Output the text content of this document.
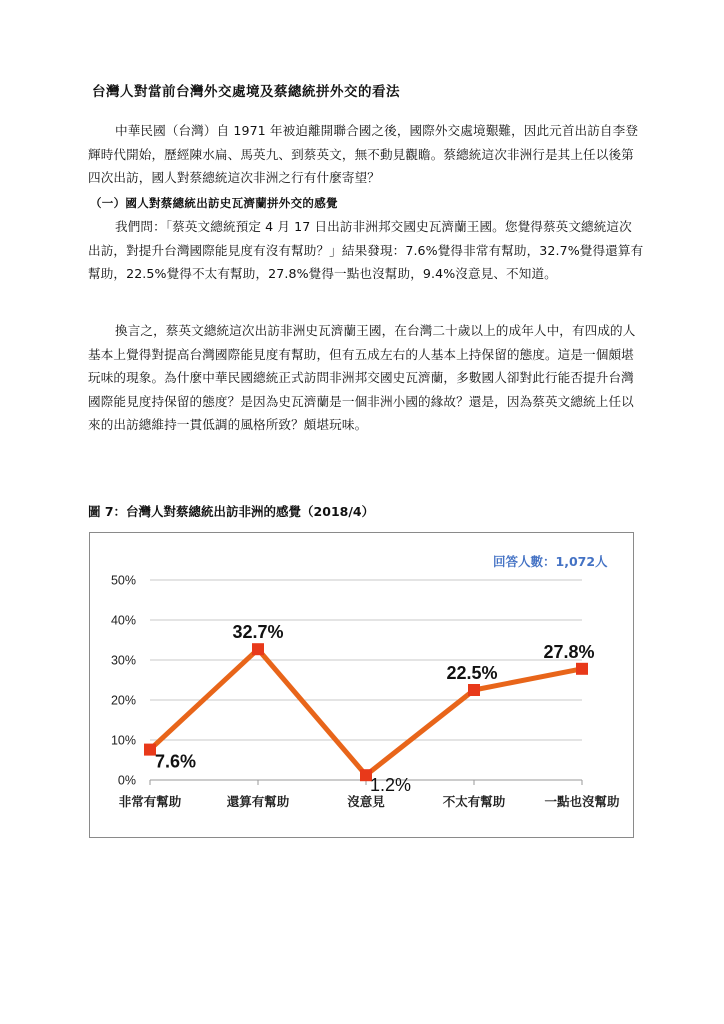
台灣人對當前台灣外交處境及蔡總統拼外交的看法

中華民國（台灣）自 1971 年被迫離開聯合國之後，國際外交處境艱難，因此元首出訪自李登輝時代開始，歷經陳水扁、馬英九、到蔡英文，無不動見觀瞻。蔡總統這次非洲行是其上任以後第四次出訪，國人對蔡總統這次非洲之行有什麼寄望？

（一）國人對蔡總統出訪史瓦濟蘭拼外交的感覺

我們問：「蔡英文總統預定 4 月 17 日出訪非洲邦交國史瓦濟蘭王國。您覺得蔡英文總統這次出訪，對提升台灣國際能見度有沒有幫助？」結果發現：7.6%覺得非常有幫助，32.7%覺得還算有幫助，22.5%覺得不太有幫助，27.8%覺得一點也沒幫助，9.4%沒意見、不知道。

換言之，蔡英文總統這次出訪非洲史瓦濟蘭王國，在台灣二十歲以上的成年人中，有四成的人基本上覺得對提高台灣國際能見度有幫助，但有五成左右的人基本上持保留的態度。這是一個頗堪玩味的現象。為什麼中華民國總統正式訪問非洲邦交國史瓦濟蘭，多數國人卻對此行能否提升台灣國際能見度持保留的態度？是因為史瓦濟蘭是一個非洲小國的緣故？還是，因為蔡英文總統上任以來的出訪總維持一貫低調的風格所致？頗堪玩味。

圖 7：台灣人對蔡總統出訪非洲的感覺（2018/4）
0%
10%
20%
30%
40%
50%
非常有幫助	還算有幫助	沒意見	不太有幫助	一點也沒幫助
7.6%
32.7%
1.2%
22.5%
27.8%
回答人數：1,072人
